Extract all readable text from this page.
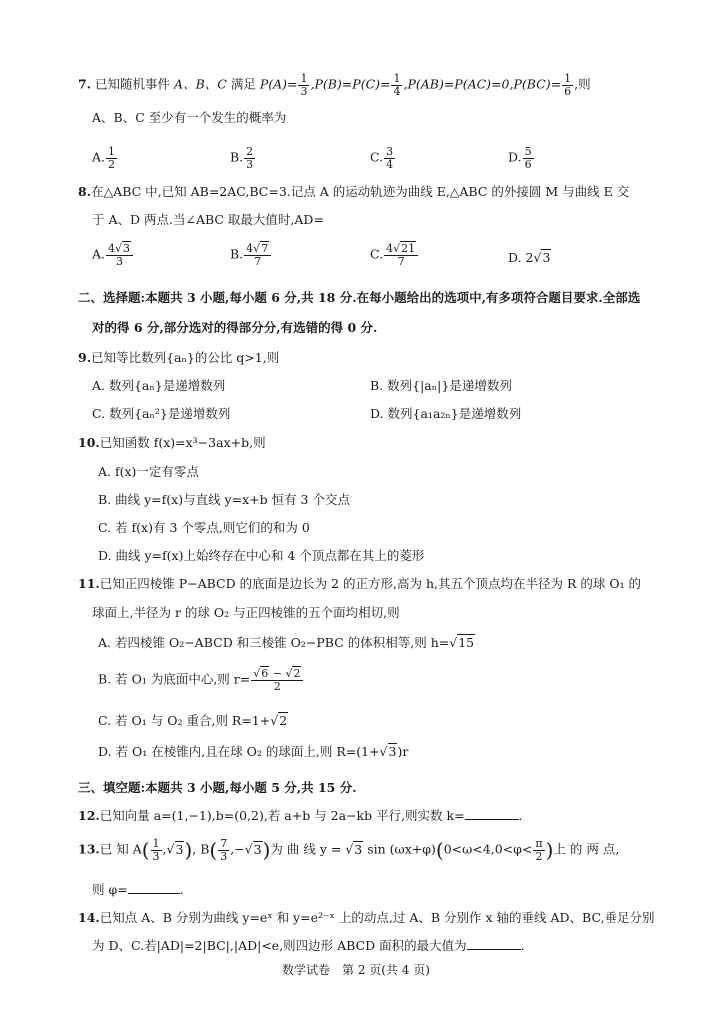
7. 已知随机事件 A、B、C 满足 $P(A)= \frac{1}{3} ,P(B)=P(C)= \frac{1}{4} ,P(AB)=P(AC)=0,P(BC)= \frac{1}{6}$ ,则
A、B、C 至少有一个发生的概率为
A. $\frac{1}{2}$	B. $\frac{2}{3}$	C. $\frac{3}{4}$	D. $\frac{5}{6}$
8.在△ABC 中,已知 AB=2AC,BC=3.记点 A 的运动轨迹为曲线 E,△ABC 的外接圆 M 与曲线 E 交
于 A、D 两点.当∠ABC 取最大值时,AD=
A. $\frac{4√3}{3}$	B. $\frac{4√7}{7}$	C. $\frac{4√21}{7}$	D. 2√3
二、选择题:本题共 3 小题,每小题 6 分,共 18 分.在每小题给出的选项中,有多项符合题目要求.全部选
对的得 6 分,部分选对的得部分分,有选错的得 0 分.
9.已知等比数列{aₙ}的公比 q>1,则
A. 数列{aₙ}是递增数列	B. 数列{|aₙ|}是递增数列
C. 数列{aₙ²}是递增数列	D. 数列{a₁a₂ₙ}是递增数列
10.已知函数 f(x)=x³−3ax+b,则
A. f(x)一定有零点
B. 曲线 y=f(x)与直线 y=x+b 恒有 3 个交点
C. 若 f(x)有 3 个零点,则它们的和为 0
D. 曲线 y=f(x)上始终存在中心和 4 个顶点都在其上的菱形
11.已知正四棱锥 P−ABCD 的底面是边长为 2 的正方形,高为 h,其五个顶点均在半径为 R 的球 O₁ 的
球面上,半径为 r 的球 O₂ 与正四棱锥的五个面均相切,则
A. 若四棱锥 O₂−ABCD 和三棱锥 O₂−PBC 的体积相等,则 h=√15
B. 若 O₁ 为底面中心,则 $r= \frac{√6 - √2}{2}$
C. 若 O₁ 与 O₂ 重合,则 R=1+√2
D. 若 O₁ 在棱锥内,且在球 O₂ 的球面上,则 R=(1+√3)r
三、填空题:本题共 3 小题,每小题 5 分,共 15 分.
12.已知向量 a=(1,−1),b=(0,2),若 a+b 与 2a−kb 平行,则实数 k=	.
13.已 知 $A( \frac{1}{3} ,√3)$, $B( \frac{7}{3} ,-√3)$为 曲 线 y = √3 $\sin (\omega x+\varphi)(0<\omega<4,0<\varphi< \frac{\pi}{2}$ )上 的 两 点,
则 φ=	.
14.已知点 A、B 分别为曲线 y=eˣ 和 y=e²⁻ˣ 上的动点,过 A、B 分别作 x 轴的垂线 AD、BC,垂足分别
为 D、C.若|AD|=2|BC|,|AD|<e,则四边形 ABCD 面积的最大值为	.
数学试卷　第 2 页(共 4 页)
